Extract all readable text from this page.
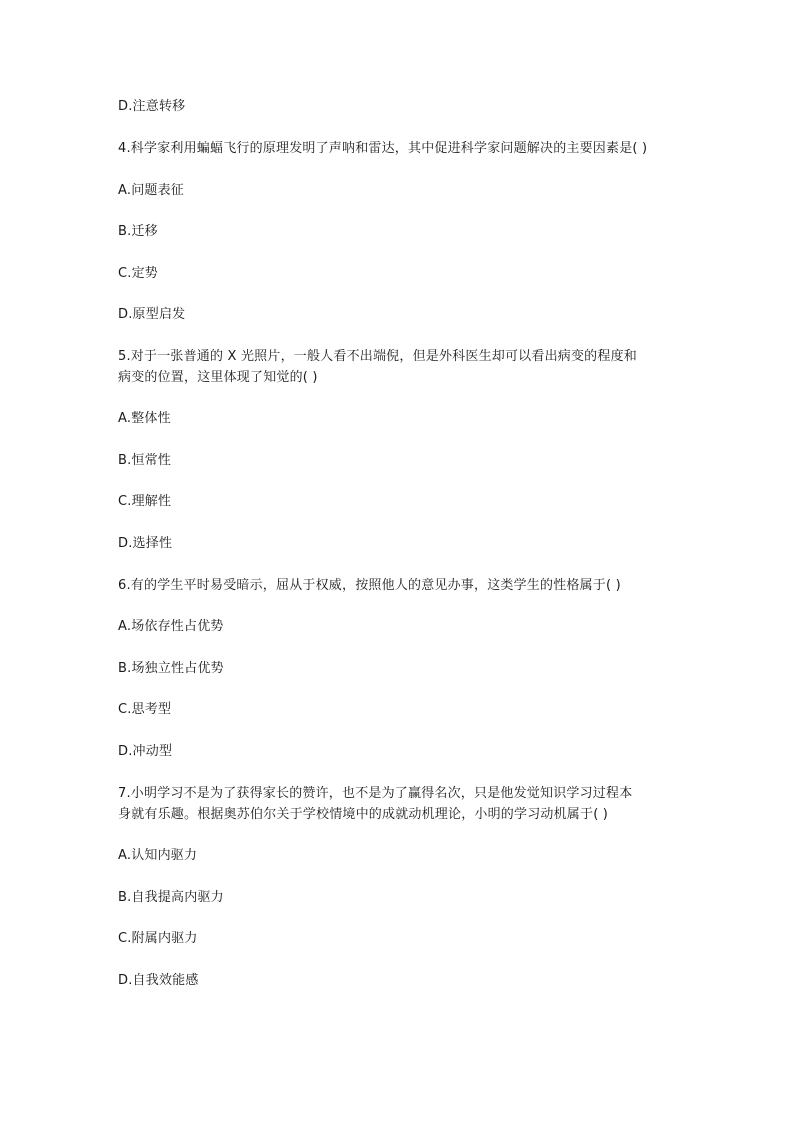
D.注意转移
4.科学家利用蝙蝠飞行的原理发明了声呐和雷达，其中促进科学家问题解决的主要因素是( )
A.问题表征
B.迁移
C.定势
D.原型启发
5.对于一张普通的 X 光照片，一般人看不出端倪，但是外科医生却可以看出病变的程度和
病变的位置，这里体现了知觉的( )
A.整体性
B.恒常性
C.理解性
D.选择性
6.有的学生平时易受暗示，屈从于权威，按照他人的意见办事，这类学生的性格属于( )
A.场依存性占优势
B.场独立性占优势
C.思考型
D.冲动型
7.小明学习不是为了获得家长的赞许，也不是为了赢得名次，只是他发觉知识学习过程本
身就有乐趣。根据奥苏伯尔关于学校情境中的成就动机理论，小明的学习动机属于( )
A.认知内驱力
B.自我提高内驱力
C.附属内驱力
D.自我效能感
